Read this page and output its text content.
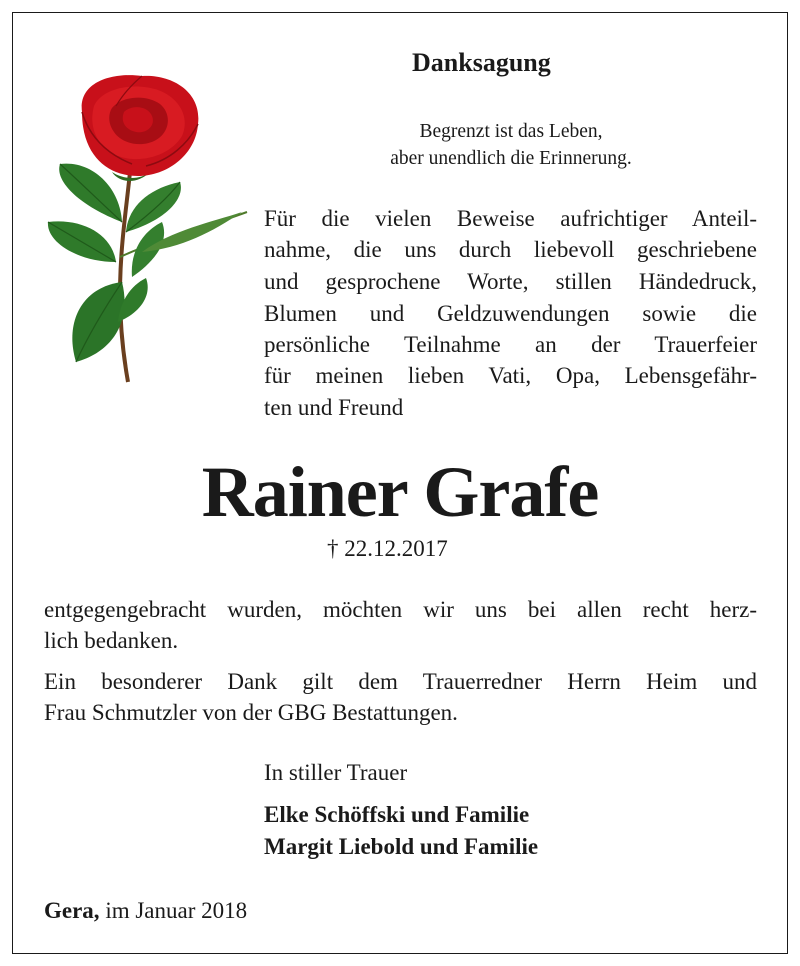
Danksagung
Begrenzt ist das Leben,
aber unendlich die Erinnerung.
Für die vielen Beweise aufrichtiger Anteil-
nahme, die uns durch liebevoll geschriebene
und gesprochene Worte, stillen Händedruck,
Blumen und Geldzuwendungen sowie die
persönliche Teilnahme an der Trauerfeier
für meinen lieben Vati, Opa, Lebensgefähr-
ten und Freund
Rainer Grafe
† 22.12.2017
entgegengebracht wurden, möchten wir uns bei allen recht herz-
lich bedanken.
Ein besonderer Dank gilt dem Trauerredner Herrn Heim und
Frau Schmutzler von der GBG Bestattungen.
In stiller Trauer
Elke Schöffski und Familie
Margit Liebold und Familie
Gera, im Januar 2018
